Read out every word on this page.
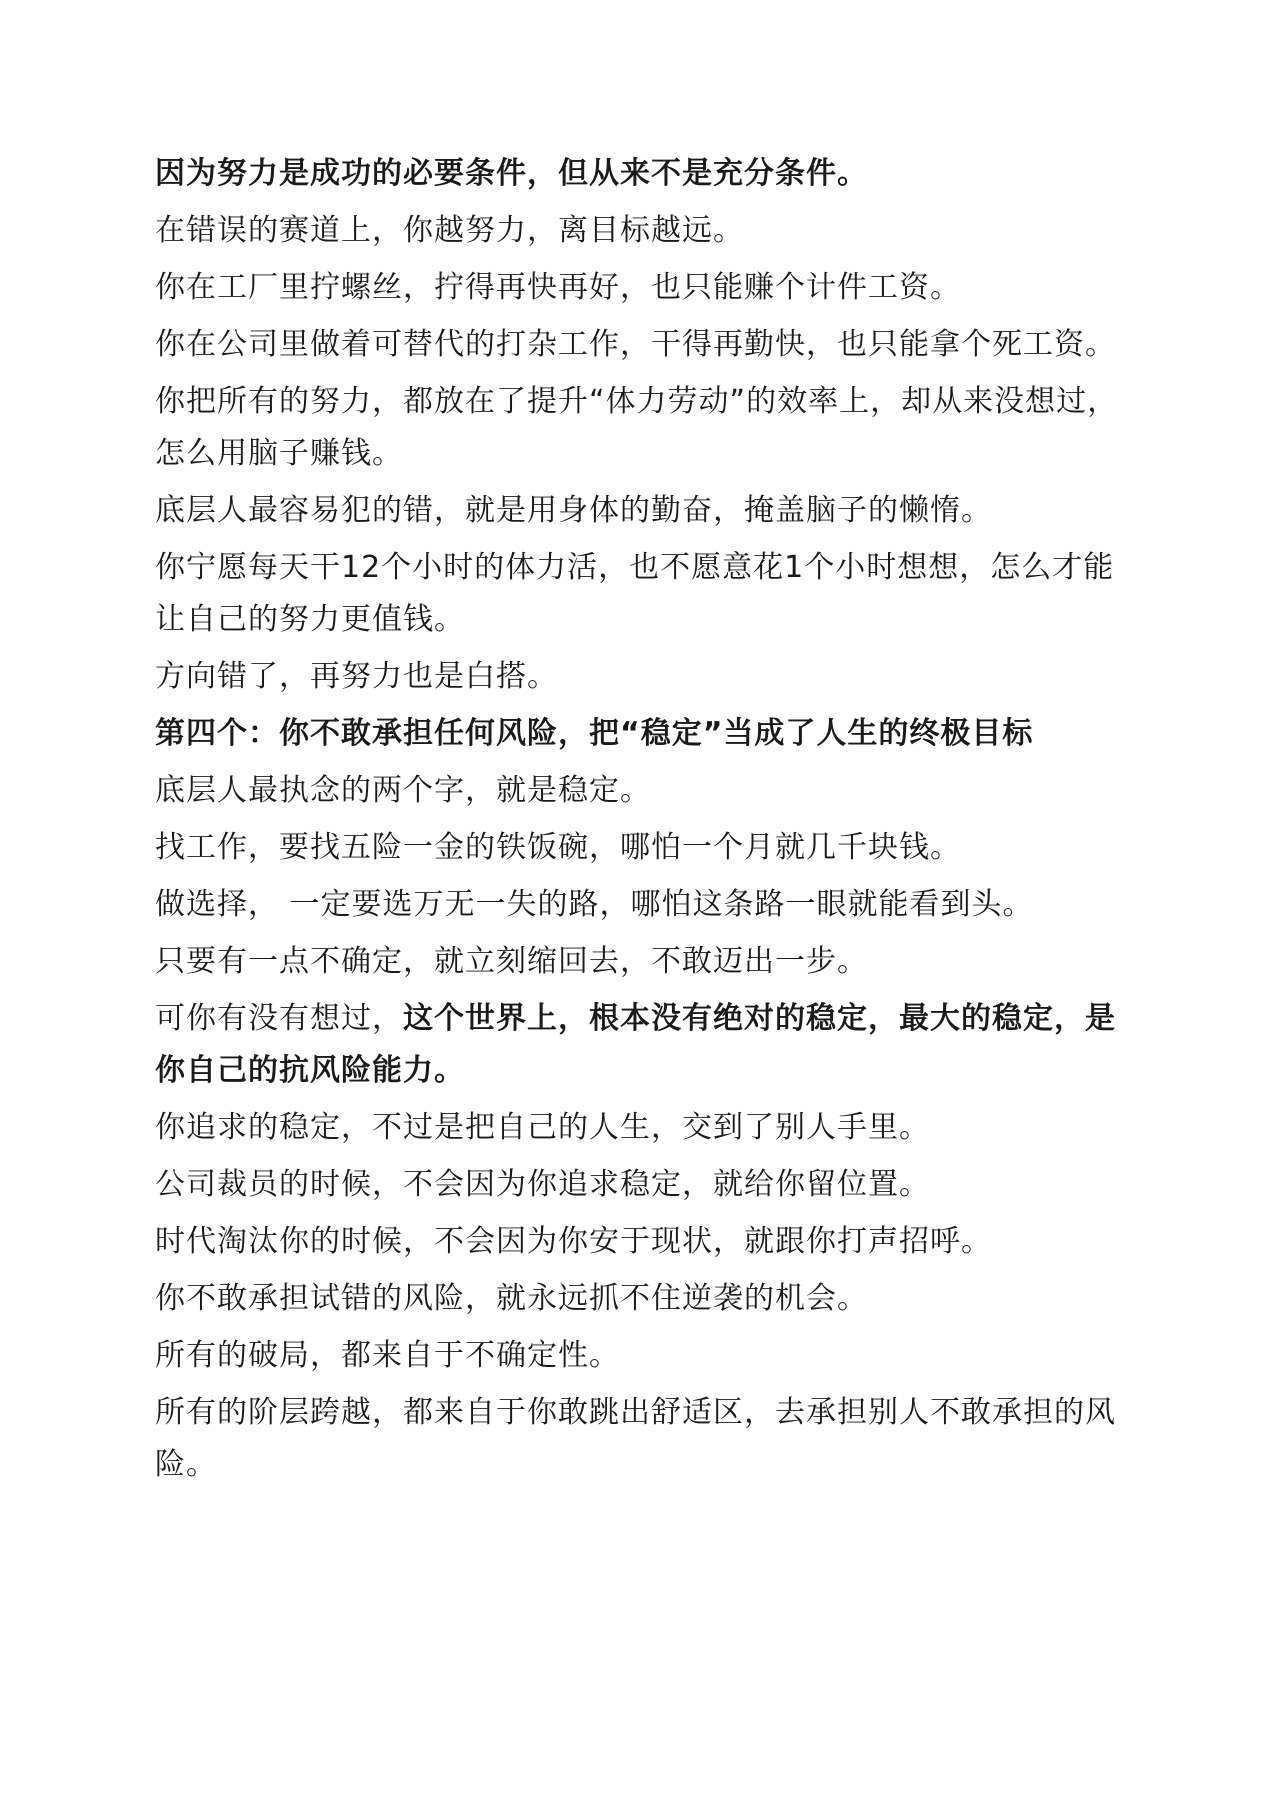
因为努力是成功的必要条件，但从来不是充分条件。

在错误的赛道上，你越努力，离目标越远。

你在工厂里拧螺丝，拧得再快再好，也只能赚个计件工资。

你在公司里做着可替代的打杂工作，干得再勤快，也只能拿个死工资。

你把所有的努力，都放在了提升“体力劳动”的效率上，却从来没想过，怎么用脑子赚钱。

底层人最容易犯的错，就是用身体的勤奋，掩盖脑子的懒惰。

你宁愿每天干12个小时的体力活，也不愿意花1个小时想想，怎么才能让自己的努力更值钱。

方向错了，再努力也是白搭。

第四个：你不敢承担任何风险，把“稳定”当成了人生的终极目标

底层人最执念的两个字，就是稳定。

找工作，要找五险一金的铁饭碗，哪怕一个月就几千块钱。

做选择， 一定要选万无一失的路，哪怕这条路一眼就能看到头。

只要有一点不确定，就立刻缩回去，不敢迈出一步。

可你有没有想过，这个世界上，根本没有绝对的稳定，最大的稳定，是你自己的抗风险能力。

你追求的稳定，不过是把自己的人生，交到了别人手里。

公司裁员的时候，不会因为你追求稳定，就给你留位置。

时代淘汰你的时候，不会因为你安于现状，就跟你打声招呼。

你不敢承担试错的风险，就永远抓不住逆袭的机会。

所有的破局，都来自于不确定性。

所有的阶层跨越，都来自于你敢跳出舒适区，去承担别人不敢承担的风险。
